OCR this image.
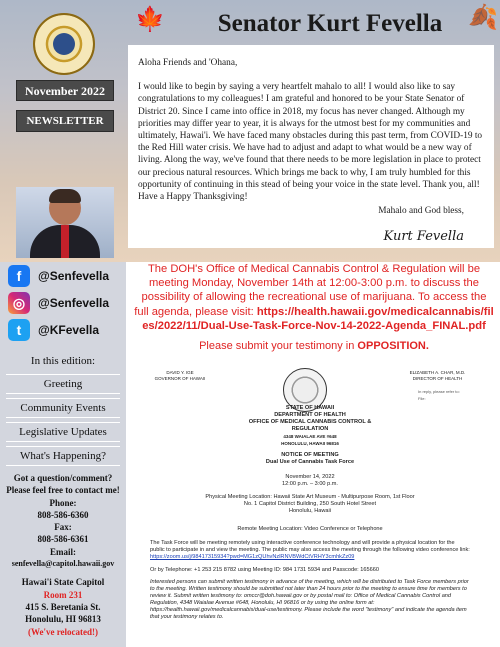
🍁	🍂
Senator Kurt Fevella
November 2022
NEWSLETTER

Aloha Friends and 'Ohana,

I would like to begin by saying a very heartfelt mahalo to all! I would also like to say congratulations to my colleagues! I am grateful and honored to be your State Senator of District 20. Since I came into office in 2018, my focus has never changed. Although my priorities may differ year to year, it is always for the utmost best for my communities and ultimately, Hawai'i. We have faced many obstacles during this past term, from COVID-19 to the Red Hill water crisis. We have had to adjust and adapt to what would be a new way of living. Along the way, we've found that there needs to be more legislation in place to protect our precious natural resources. Which brings me back to why, I am truly humbled for this opportunity of continuing in this stead of being your voice in the state level. Thank you, all!

Have a Happy Thanksgiving!
Mahalo and God bless,
Kurt Fevella
f	@Senfevella
◎	@Senfevella
t	@KFevella
In this edition:
Greeting
Community Events
Legislative Updates
What's Happening?
Got a question/comment? Please feel free to contact me!
Phone:
808-586-6360
Fax:
808-586-6361
Email:
senfevella@capitol.hawaii.gov
Hawai'i State Capitol
Room 231
415 S. Beretania St.
Honolulu, HI 96813
(We've relocated!)
The DOH's Office of Medical Cannabis Control & Regulation will be meeting Monday, November 14th at 12:00-3:00 p.m. to discuss the possibility of allowing the recreational use of marijuana. To access the full agenda, please visit: https://health.hawaii.gov/medicalcannabis/files/2022/11/Dual-Use-Task-Force-Nov-14-2022-Agenda_FINAL.pdf
Please submit your testimony in OPPOSITION.
DAVID Y. IGE
GOVERNOR OF HAWAII
ELIZABETH A. CHAR, M.D.
DIRECTOR OF HEALTH
In reply, please refer to:
File:
STATE OF HAWAII
DEPARTMENT OF HEALTH
OFFICE OF MEDICAL CANNABIS CONTROL &
REGULATION
4348 WAIALAE AVE #648
HONOLULU, HAWAII 96816
NOTICE OF MEETING
Dual Use of Cannabis Task Force
November 14, 2022
12:00 p.m. – 3:00 p.m.
Physical Meeting Location: Hawaii State Art Museum - Multipurpose Room, 1st Floor
No. 1 Capitol District Building, 250 South Hotel Street
Honolulu, Hawaii
Remote Meeting Location: Video Conference or Telephone
The Task Force will be meeting remotely using interactive conference technology and will provide a physical location for the public to participate in and view the meeting. The public may also access the meeting through the following video conference link:
https://zoom.us/j/98417315934?pwd=MG1zQUhvNzlRNVBWdCtVRHY3cmhkZz09
Or by Telephone: +1 253 215 8782 using Meeting ID: 984 1731 5934 and Passcode: 165660
Interested persons can submit written testimony in advance of the meeting, which will be distributed to Task Force members prior to the meeting. Written testimony should be submitted not later than 24 hours prior to the meeting to ensure time for members to review it. Submit written testimony to: omccr@doh.hawaii.gov or by postal mail to: Office of Medical Cannabis Control and Regulation, 4348 Waialae Avenue #648, Honolulu, HI 96816 or by using the online form at: https://health.hawaii.gov/medicalcannabis/dual-use/testimony. Please include the word "testimony" and indicate the agenda item that your testimony relates to.
